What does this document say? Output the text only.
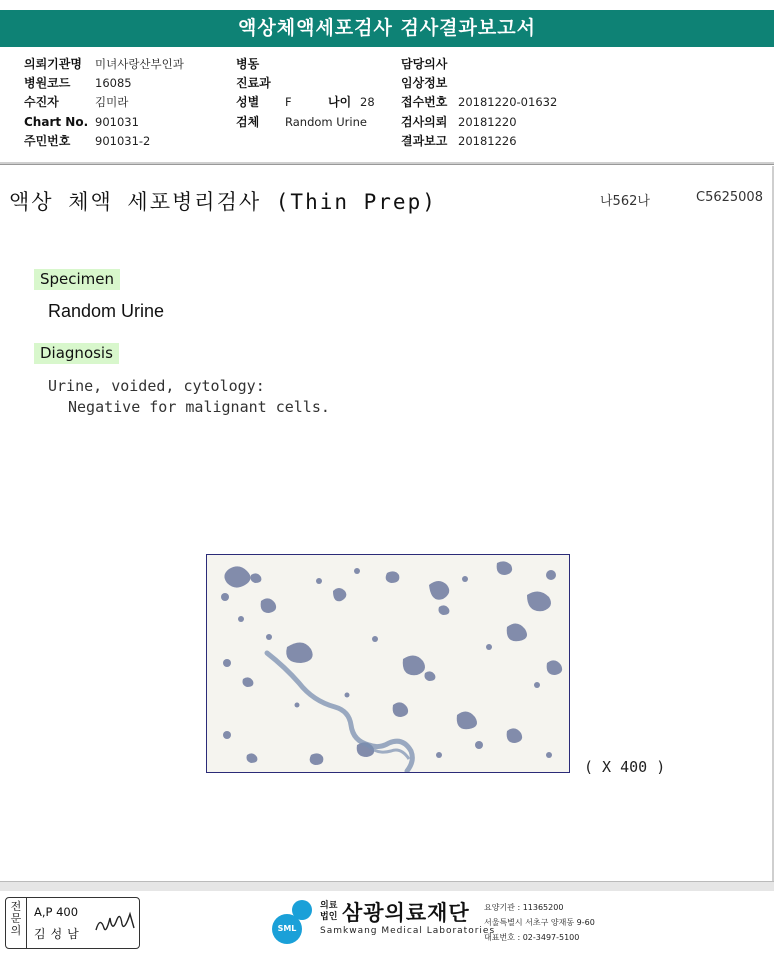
액상체액세포검사 검사결과보고서
의뢰기관명 미녀사랑산부인과
병원코드 16085
수진자	김미라
Chart No. 901031
주민번호 901031-2
병동
진료과
성별 F	나이 28
검체 Random Urine
담당의사
임상정보
접수번호 20181220-01632
검사의뢰 20181220
결과보고 20181226
액상 체액 세포병리검사 (Thin Prep)	나562나	C5625008
Specimen
Random Urine
Diagnosis
Urine, voided, cytology:
Negative for malignant cells.
( X 400 )
전문의
A,P 400
김성남	SML
의료
법인 삼광의료재단
Samkwang Medical Laboratories
요양기관 : 11365200
서울특별시 서초구 양재동 9-60
대표번호 : 02-3497-5100
